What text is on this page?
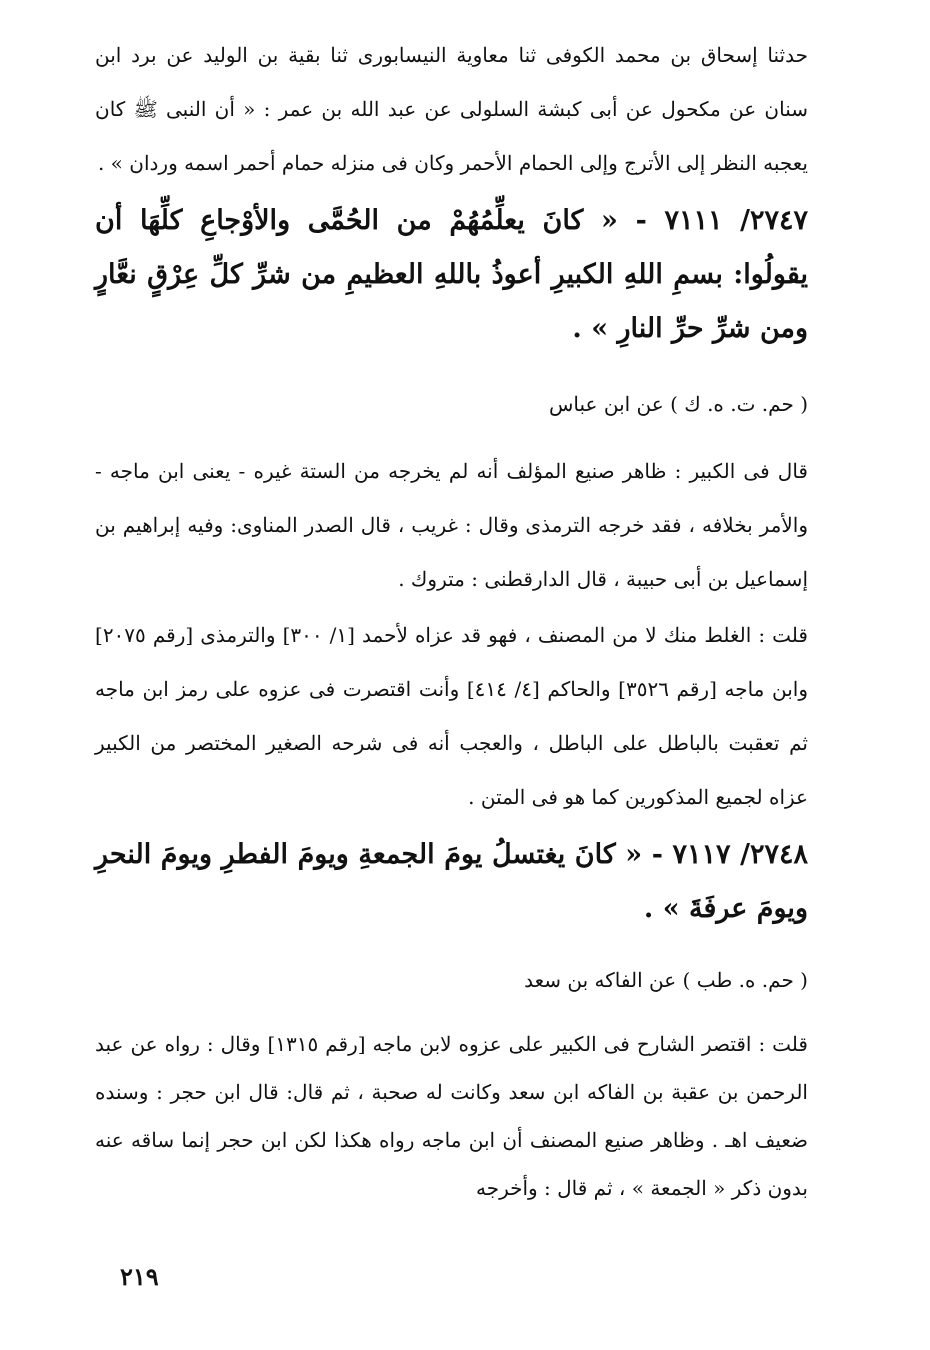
حدثنا إسحاق بن محمد الكوفى ثنا معاوية النيسابورى ثنا بقية بن الوليد عن برد ابن سنان عن مكحول عن أبى كبشة السلولى عن عبد الله بن عمر : « أن النبى ﷺ كان يعجبه النظر إلى الأترج وإلى الحمام الأحمر وكان فى منزله حمام أحمر اسمه وردان » .

٢٧٤٧/ ٧١١١ - « كانَ يعلِّمُهُمْ من الحُمَّى والأوْجاعِ كلِّهَا أن يقولُوا: بسمِ اللهِ الكبيرِ أعوذُ باللهِ العظيمِ من شرِّ كلِّ عِرْقٍ نعَّارٍ ومن شرِّ حرِّ النارِ » .

( حم. ت. ه. ك ) عن ابن عباس

قال فى الكبير : ظاهر صنيع المؤلف أنه لم يخرجه من الستة غيره - يعنى ابن ماجه - والأمر بخلافه ، فقد خرجه الترمذى وقال : غريب ، قال الصدر المناوى: وفيه إبراهيم بن إسماعيل بن أبى حبيبة ، قال الدارقطنى : متروك .

قلت : الغلط منك لا من المصنف ، فهو قد عزاه لأحمد [١/ ٣٠٠] والترمذى [رقم ٢٠٧٥] وابن ماجه [رقم ٣٥٢٦] والحاكم [٤/ ٤١٤] وأنت اقتصرت فى عزوه على رمز ابن ماجه ثم تعقبت بالباطل على الباطل ، والعجب أنه فى شرحه الصغير المختصر من الكبير عزاه لجميع المذكورين كما هو فى المتن .

٢٧٤٨/ ٧١١٧ - « كانَ يغتسلُ يومَ الجمعةِ ويومَ الفطرِ ويومَ النحرِ ويومَ عرفَةَ » .

( حم. ه. طب ) عن الفاكه بن سعد

قلت : اقتصر الشارح فى الكبير على عزوه لابن ماجه [رقم ١٣١٥] وقال : رواه عن عبد الرحمن بن عقبة بن الفاكه ابن سعد وكانت له صحبة ، ثم قال: قال ابن حجر : وسنده ضعيف اهـ . وظاهر صنيع المصنف أن ابن ماجه رواه هكذا لكن ابن حجر إنما ساقه عنه بدون ذكر « الجمعة » ، ثم قال : وأخرجه

٢١٩
